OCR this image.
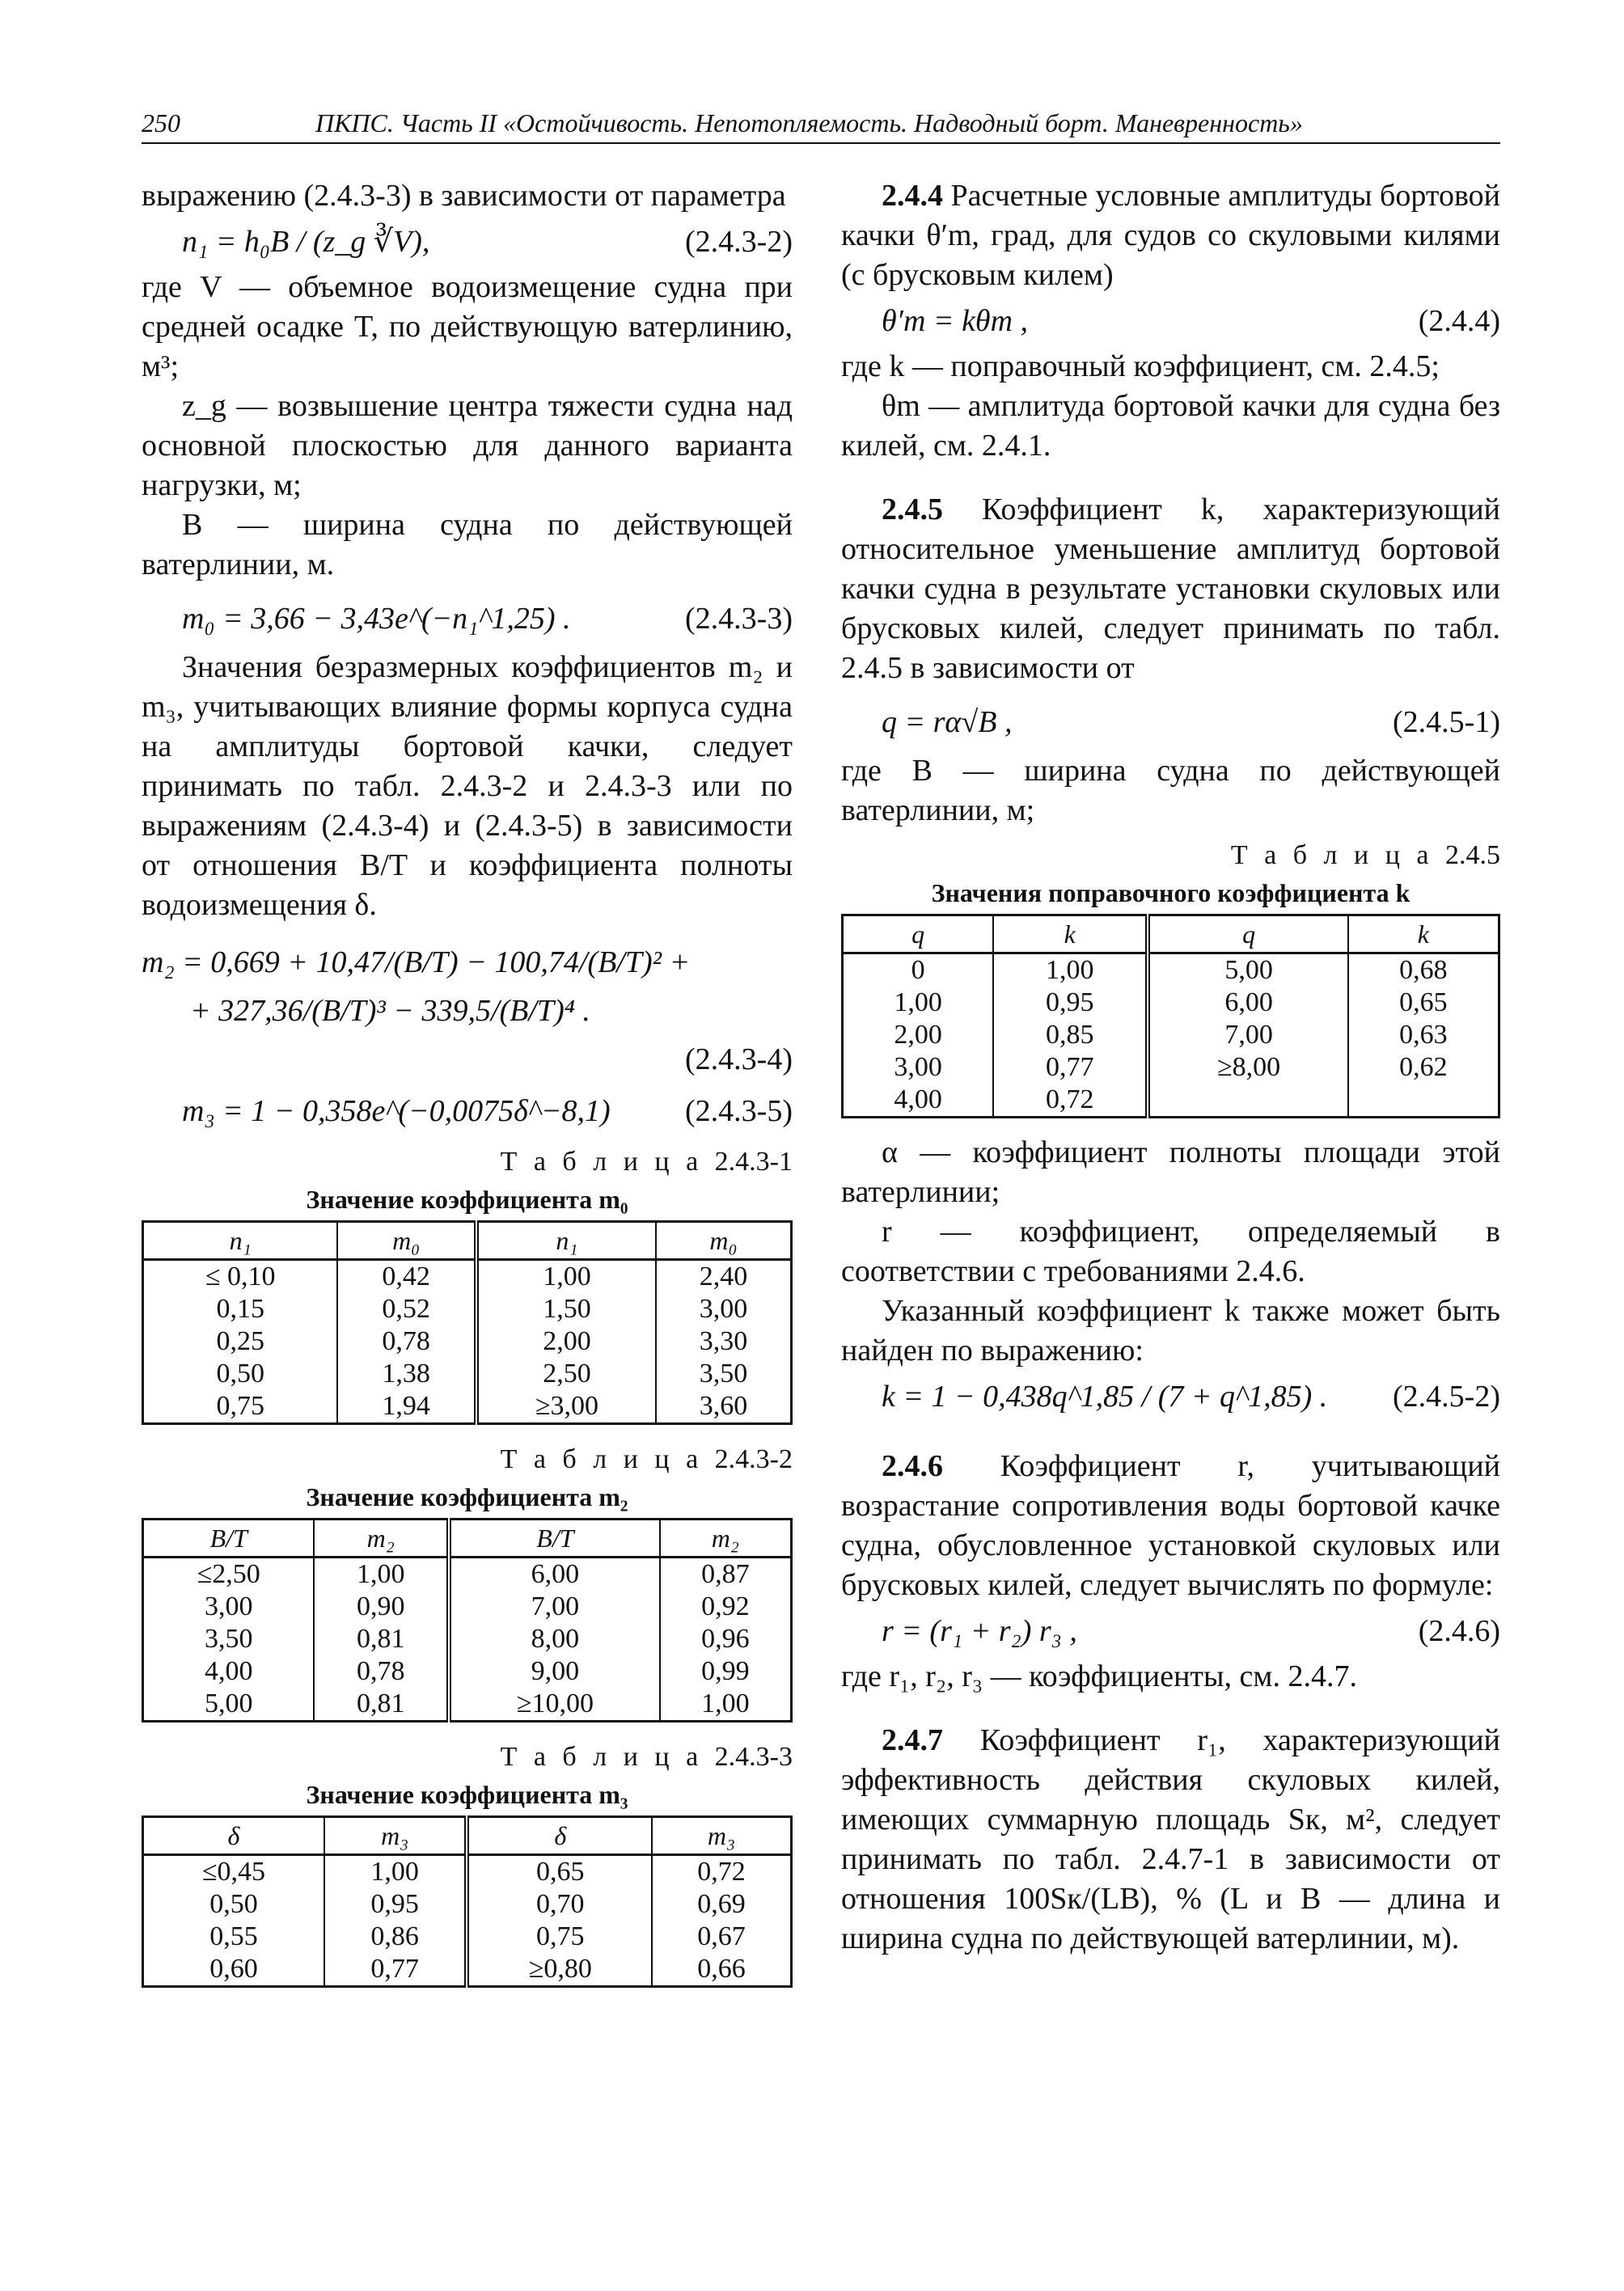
250	ПКПС. Часть II «Остойчивость. Непотопляемость. Надводный борт. Маневренность»

выражению (2.4.3-3) в зависимости от параметра

n₁ = h₀B / (z_g ∛V),	(2.4.3-2)

где V — объемное водоизмещение судна при средней осадке T, по действующую ватерлинию, м³;

z_g — возвышение центра тяжести судна над основной плоскостью для данного варианта нагрузки, м;

B — ширина судна по действующей ватерлинии, м.

m₀ = 3,66 − 3,43e^(−n₁^1,25) .	(2.4.3-3)

Значения безразмерных коэффициентов m₂ и m₃, учитывающих влияние формы корпуса судна на амплитуды бортовой качки, следует принимать по табл. 2.4.3-2 и 2.4.3-3 или по выражениям (2.4.3-4) и (2.4.3-5) в зависимости от отношения B/T и коэффициента полноты водоизмещения δ.

m₂ = 0,669 + 10,47/(B/T) − 100,74/(B/T)² +
+ 327,36/(B/T)³ − 339,5/(B/T)⁴ .
(2.4.3-4)
m₃ = 1 − 0,358e^(−0,0075δ^−8,1) (2.4.3-5)
Т а б л и ц а 2.4.3-1
Значение коэффициента m₀
n₁	m₀	n₁	m₀
≤ 0,10	0,42	1,00	2,40
0,15	0,52	1,50	3,00
0,25	0,78	2,00	3,30
0,50	1,38	2,50	3,50
0,75	1,94	≥3,00	3,60
Т а б л и ц а 2.4.3-2
Значение коэффициента m₂
B/T	m₂	B/T	m₂
≤2,50	1,00	6,00	0,87
3,00	0,90	7,00	0,92
3,50	0,81	8,00	0,96
4,00	0,78	9,00	0,99
5,00	0,81	≥10,00	1,00
Т а б л и ц а 2.4.3-3
Значение коэффициента m₃
δ	m₃	δ	m₃
≤0,45	1,00	0,65	0,72
0,50	0,95	0,70	0,69
0,55	0,86	0,75	0,67
0,60	0,77	≥0,80	0,66

2.4.4 Расчетные условные амплитуды бортовой качки θ′m, град, для судов со скуловыми килями (с брусковым килем)

θ′m = kθm ,	(2.4.4)

где k — поправочный коэффициент, см. 2.4.5;

θm — амплитуда бортовой качки для судна без килей, см. 2.4.1.

2.4.5 Коэффициент k, характеризующий относительное уменьшение амплитуд бортовой качки судна в результате установки скуловых или брусковых килей, следует принимать по табл. 2.4.5 в зависимости от

q = rα√B ,	(2.4.5-1)

где B — ширина судна по действующей ватерлинии, м;

Т а б л и ц а 2.4.5
Значения поправочного коэффициента k
q	k	q	k
0	1,00	5,00	0,68
1,00	0,95	6,00	0,65
2,00	0,85	7,00	0,63
3,00	0,77	≥8,00	0,62
4,00	0,72		

α — коэффициент полноты площади этой ватерлинии;

r — коэффициент, определяемый в соответствии с требованиями 2.4.6.

Указанный коэффициент k также может быть найден по выражению:

k = 1 − 0,438q^1,85 / (7 + q^1,85) . (2.4.5-2)

2.4.6 Коэффициент r, учитывающий возрастание сопротивления воды бортовой качке судна, обусловленное установкой скуловых или брусковых килей, следует вычислять по формуле:

r = (r₁ + r₂) r₃ ,	(2.4.6)

где r₁, r₂, r₃ — коэффициенты, см. 2.4.7.

2.4.7 Коэффициент r₁, характеризующий эффективность действия скуловых килей, имеющих суммарную площадь Sк, м², следует принимать по табл. 2.4.7-1 в зависимости от отношения 100Sк/(LB), % (L и B — длина и ширина судна по действующей ватерлинии, м).
